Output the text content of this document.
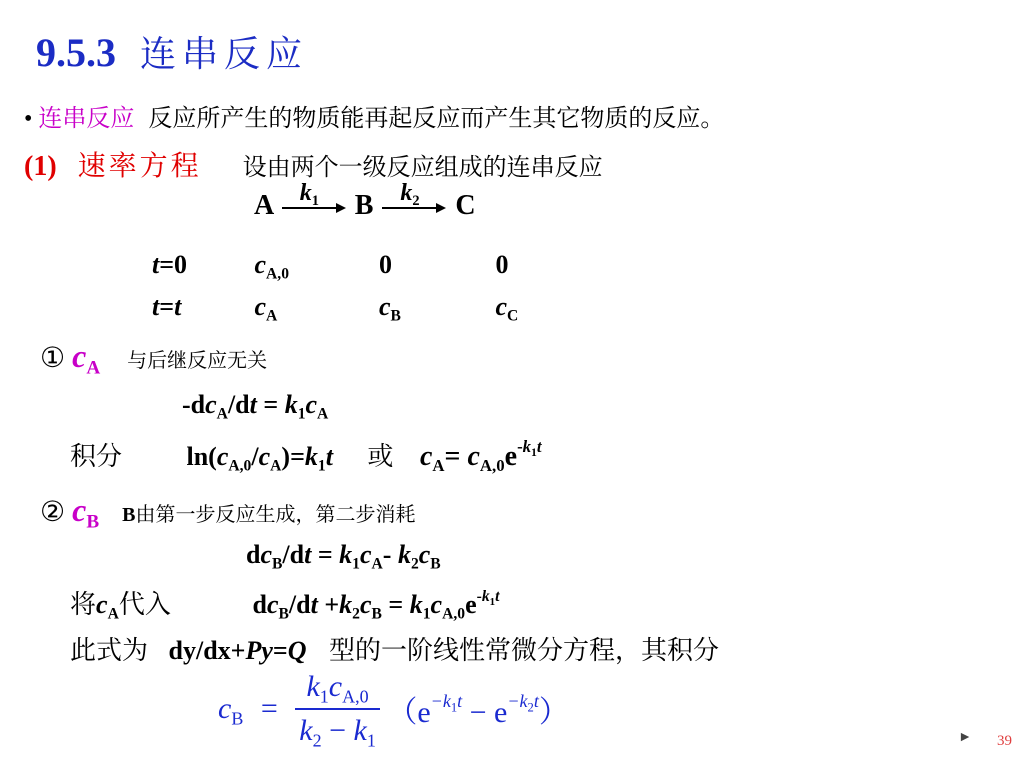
9.5.3 连串反应
• 连串反应 反应所产生的物质能再起反应而产生其它物质的反应。
(1) 速率方程 设由两个一级反应组成的连串反应
A $k_1$ B $k_2$ C
t=0	$c_{A,0}$	0	0
t=t	$c_A$	$c_B$	$c_C$
① $c_A$ 与后继反应无关
$-dc_A/dt = k_1c_A$
积分 $\ln(c_{A,0}/c_A)=k_1t$ 或 $c_A= c_{A,0}e^{-k_1t}$
② $c_B$ B由第一步反应生成，第二步消耗
$dc_B/dt = k_1c_A-$ $k_2c_B$
将$c_A$代入	$dc_B/dt +k_2c_B = k_1c_{A,0}e^{-k_1t}$
此式为 dy/dx+Py=Q 型的一阶线性常微分方程，其积分
$c_B = \frac{k_1c_{A,0}}{k_2 - k_1} (e^{-k_1t} - e^{-k_2t})$
► 39
